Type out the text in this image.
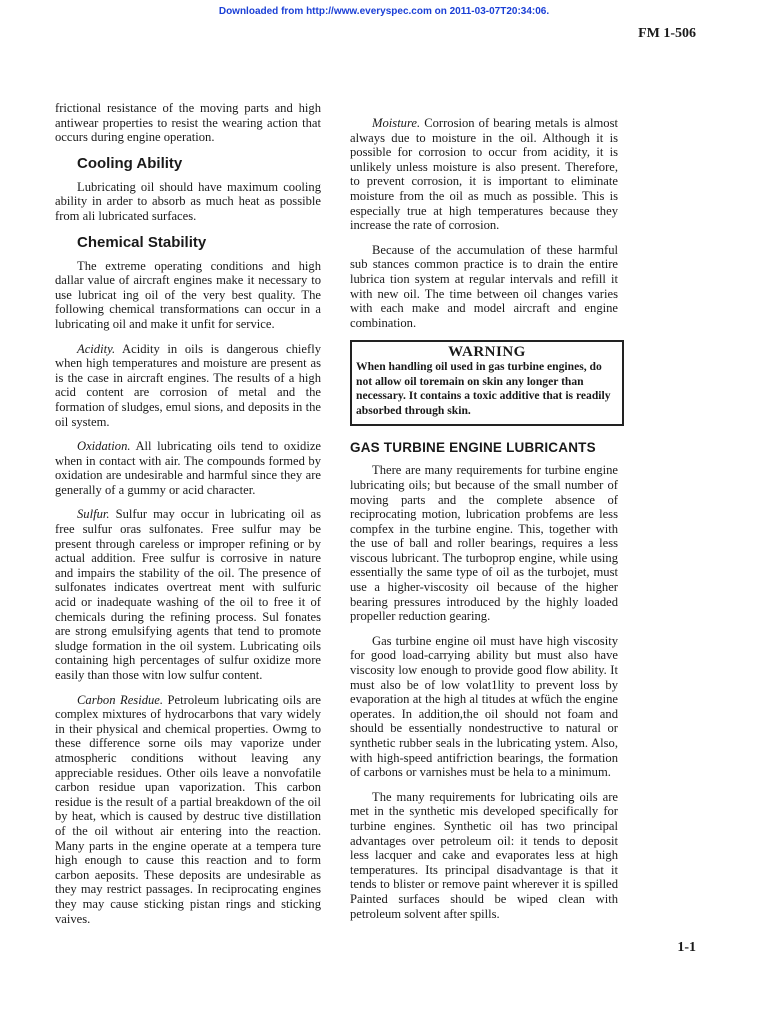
Downloaded from http://www.everyspec.com on 2011-03-07T20:34:06.
FM 1-506

frictional resistance of the moving parts and high antiwear properties to resist the wearing action that occurs during engine operation.

Cooling Ability

Lubricating oil should have maximum cooling ability in arder to absorb as much heat as possible from ali lubricated surfaces.

Chemical Stability

The extreme operating conditions and high dallar value of aircraft engines make it necessary to use lubricat ing oil of the very best quality. The following chemical transformations can occur in a lubricating oil and make it unfit for service.

Acidity. Acidity in oils is dangerous chiefly when high temperatures and moisture are present as is the case in aircraft engines. The results of a high acid content are corrosion of metal and the formation of sludges, emul sions, and deposits in the oil system.

Oxidation. All lubricating oils tend to oxidize when in contact with air. The compounds formed by oxidation are undesirable and harmful since they are generally of a gummy or acid character.

Sulfur. Sulfur may occur in lubricating oil as free sulfur oras sulfonates. Free sulfur may be present through careless or improper refining or by actual addition. Free sulfur is corrosive in nature and impairs the stability of the oil. The presence of sulfonates indicates overtreat ment with sulfuric acid or inadequate washing of the oil to free it of chemicals during the refining process. Sul fonates are strong emulsifying agents that tend to promote sludge formation in the oil system. Lubricating oils containing high percentages of sulfur oxidize more easily than those witn low sulfur content.

Carbon Residue. Petroleum lubricating oils are complex mixtures of hydrocarbons that vary widely in their physical and chemical properties. Owmg to these difference sorne oils may vaporize under atmospheric conditions without leaving any appreciable residues. Other oils leave a nonvofatile carbon residue upan vaporization. This carbon residue is the result of a partial breakdown of the oil by heat, which is caused by destruc tive distillation of the oil without air entering into the reaction. Many parts in the engine operate at a tempera ture high enough to cause this reaction and to form carbon aeposits. These deposits are undesirable as they may restrict passages. In reciprocating engines they may cause sticking pistan rings and sticking vaives.

Moisture. Corrosion of bearing metals is almost always due to moisture in the oil. Although it is possible for corrosion to occur from acidity, it is unlikely unless moisture is also present. Therefore, to prevent corrosion, it is important to eliminate moisture from the oil as much as possible. This is especially true at high temperatures because they increase the rate of corrosion.

Because of the accumulation of these harmful sub stances common practice is to drain the entire lubrica tion system at regular intervals and refill it with new oil. The time between oil changes varies with each make and model aircraft and engine combination.

WARNING
When handling oil used in gas turbine engines, do not allow oil toremain on skin any longer than necessary. It contains a toxic additive that is readily absorbed through skin.
GAS TURBINE ENGINE LUBRICANTS

There are many requirements for turbine engine lubricating oils; but because of the small number of moving parts and the complete absence of reciprocating motion, lubrication probfems are less compfex in the turbine engine. This, together with the use of ball and roller bearings, requires a less viscous lubricant. The turboprop engine, while using essentially the same type of oil as the turbojet, must use a higher-viscosity oil because of the higher bearing pressures introduced by the highly loaded propeller reduction gearing.

Gas turbine engine oil must have high viscosity for good load-carrying ability but must also have viscosity low enough to provide good flow ability. It must also be of low volat1lity to prevent loss by evaporation at the high al titudes at wfüch the engine operates. In addition,the oil should not foam and should be essentially nondestructive to natural or synthetic rubber seals in the lubricating ystem. Also, with high-speed antifriction bearings, the formation of carbons or varnishes must be hela to a minimum.

The many requirements for lubricating oils are met in the synthetic mis developed specifically for turbine engines. Synthetic oil has two principal advantages over petroleum oil: it tends to deposit less lacquer and cake and evaporates less at high temperatures. Its principal disadvantage is that it tends to blister or remove paint wherever it is spilled Painted surfaces should be wiped clean with petroleum solvent after spills.

1-1
